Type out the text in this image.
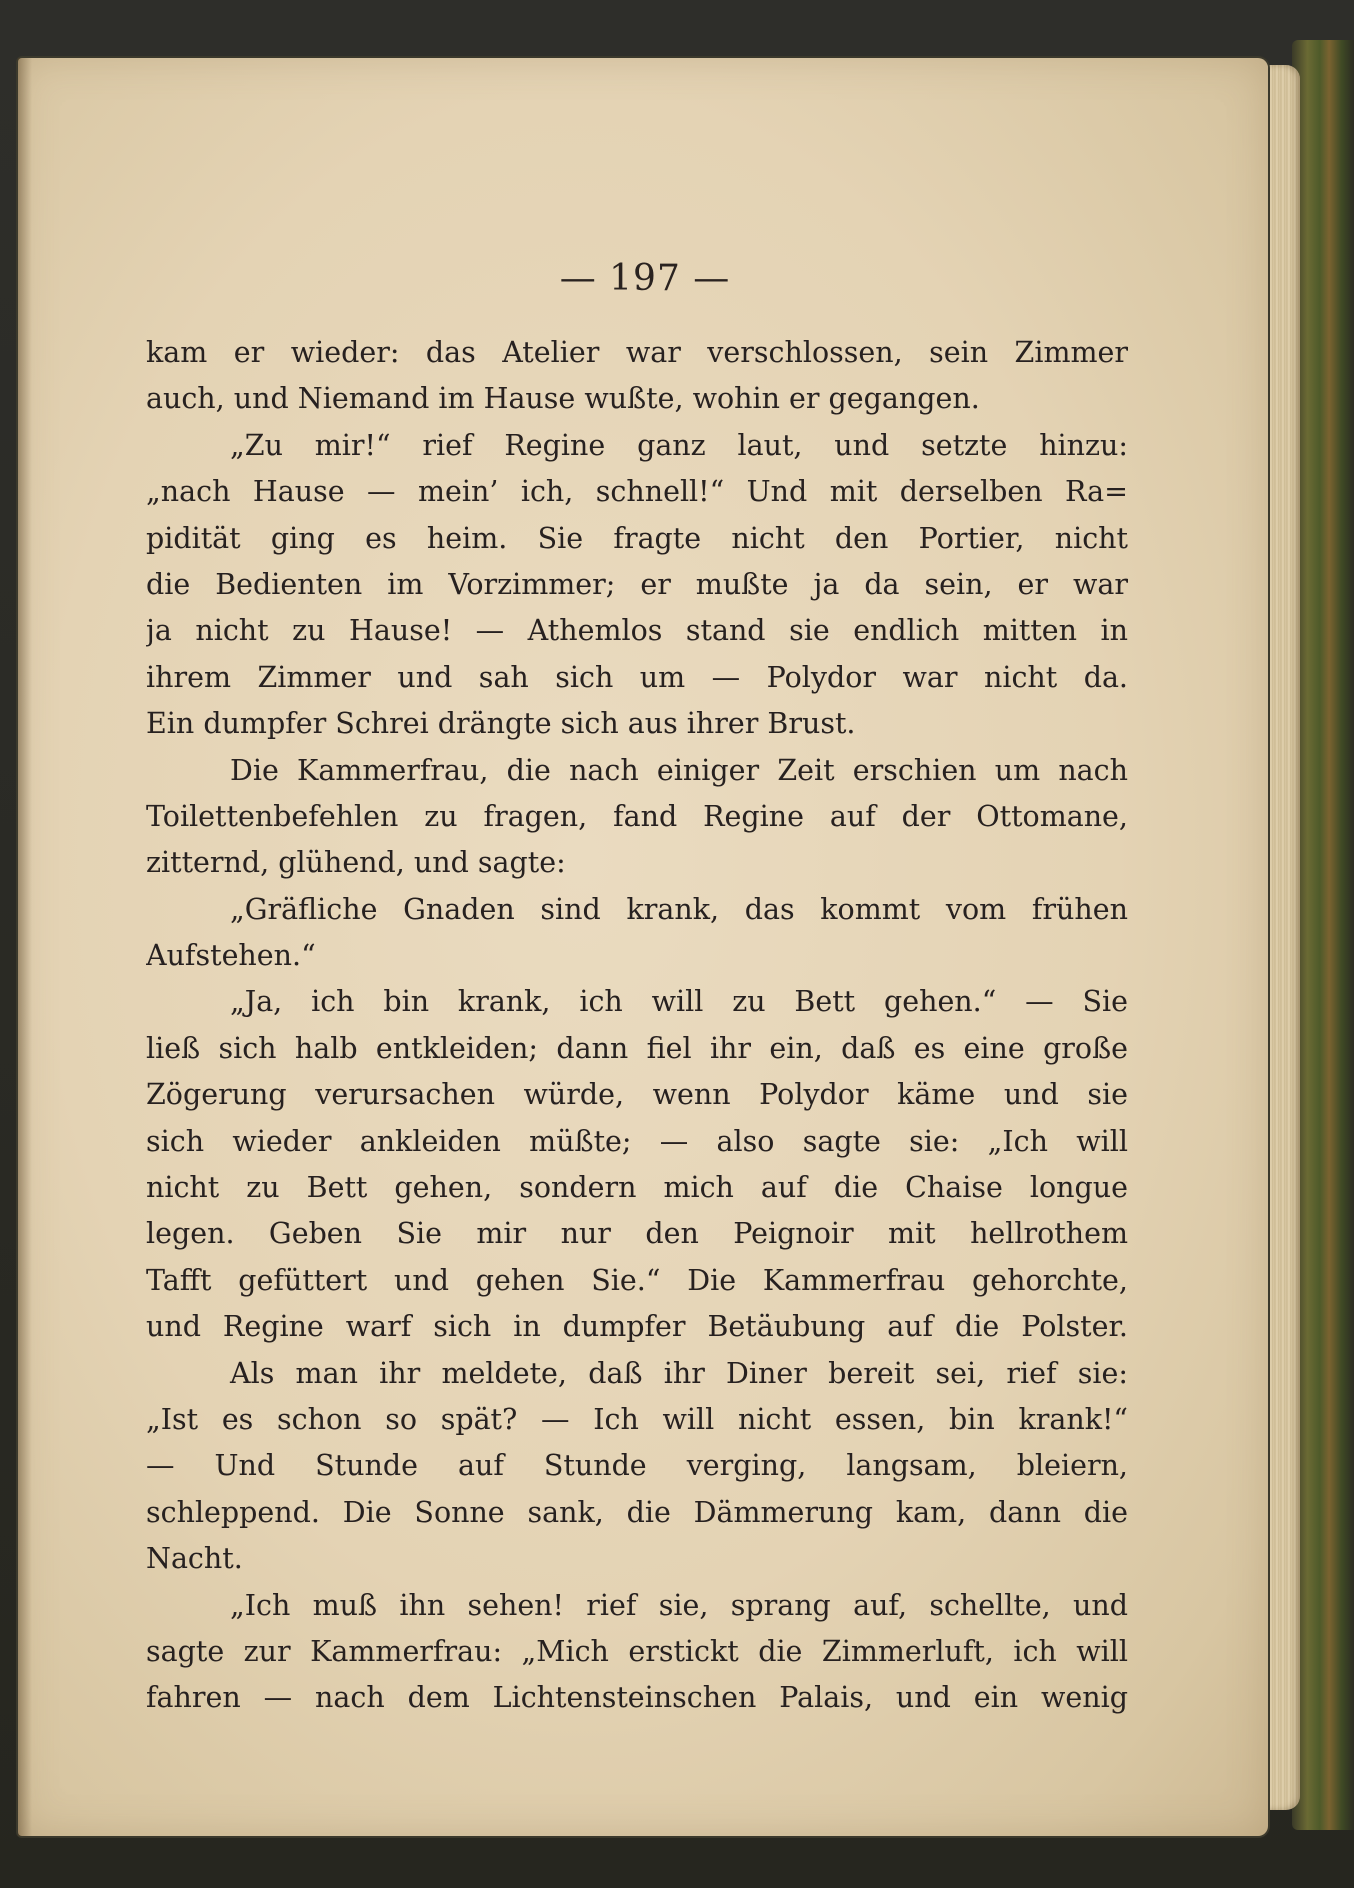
— 197 —
kam er wieder: das Atelier war verschlossen, sein Zimmer
auch, und Niemand im Hause wußte, wohin er gegangen.
„Zu mir!“ rief Regine ganz laut, und setzte hinzu:
„nach Hause — mein’ ich, schnell!“ Und mit derselben Ra=
pidität ging es heim. Sie fragte nicht den Portier, nicht
die Bedienten im Vorzimmer; er mußte ja da sein, er war
ja nicht zu Hause! — Athemlos stand sie endlich mitten in
ihrem Zimmer und sah sich um — Polydor war nicht da.
Ein dumpfer Schrei drängte sich aus ihrer Brust.
Die Kammerfrau, die nach einiger Zeit erschien um nach
Toilettenbefehlen zu fragen, fand Regine auf der Ottomane,
zitternd, glühend, und sagte:
„Gräfliche Gnaden sind krank, das kommt vom frühen
Aufstehen.“
„Ja, ich bin krank, ich will zu Bett gehen.“ — Sie
ließ sich halb entkleiden; dann fiel ihr ein, daß es eine große
Zögerung verursachen würde, wenn Polydor käme und sie
sich wieder ankleiden müßte; — also sagte sie: „Ich will
nicht zu Bett gehen, sondern mich auf die Chaise longue
legen. Geben Sie mir nur den Peignoir mit hellrothem
Tafft gefüttert und gehen Sie.“ Die Kammerfrau gehorchte,
und Regine warf sich in dumpfer Betäubung auf die Polster.
Als man ihr meldete, daß ihr Diner bereit sei, rief sie:
„Ist es schon so spät? — Ich will nicht essen, bin krank!“
— Und Stunde auf Stunde verging, langsam, bleiern,
schleppend. Die Sonne sank, die Dämmerung kam, dann die
Nacht.
„Ich muß ihn sehen! rief sie, sprang auf, schellte, und
sagte zur Kammerfrau: „Mich erstickt die Zimmerluft, ich will
fahren — nach dem Lichtensteinschen Palais, und ein wenig
